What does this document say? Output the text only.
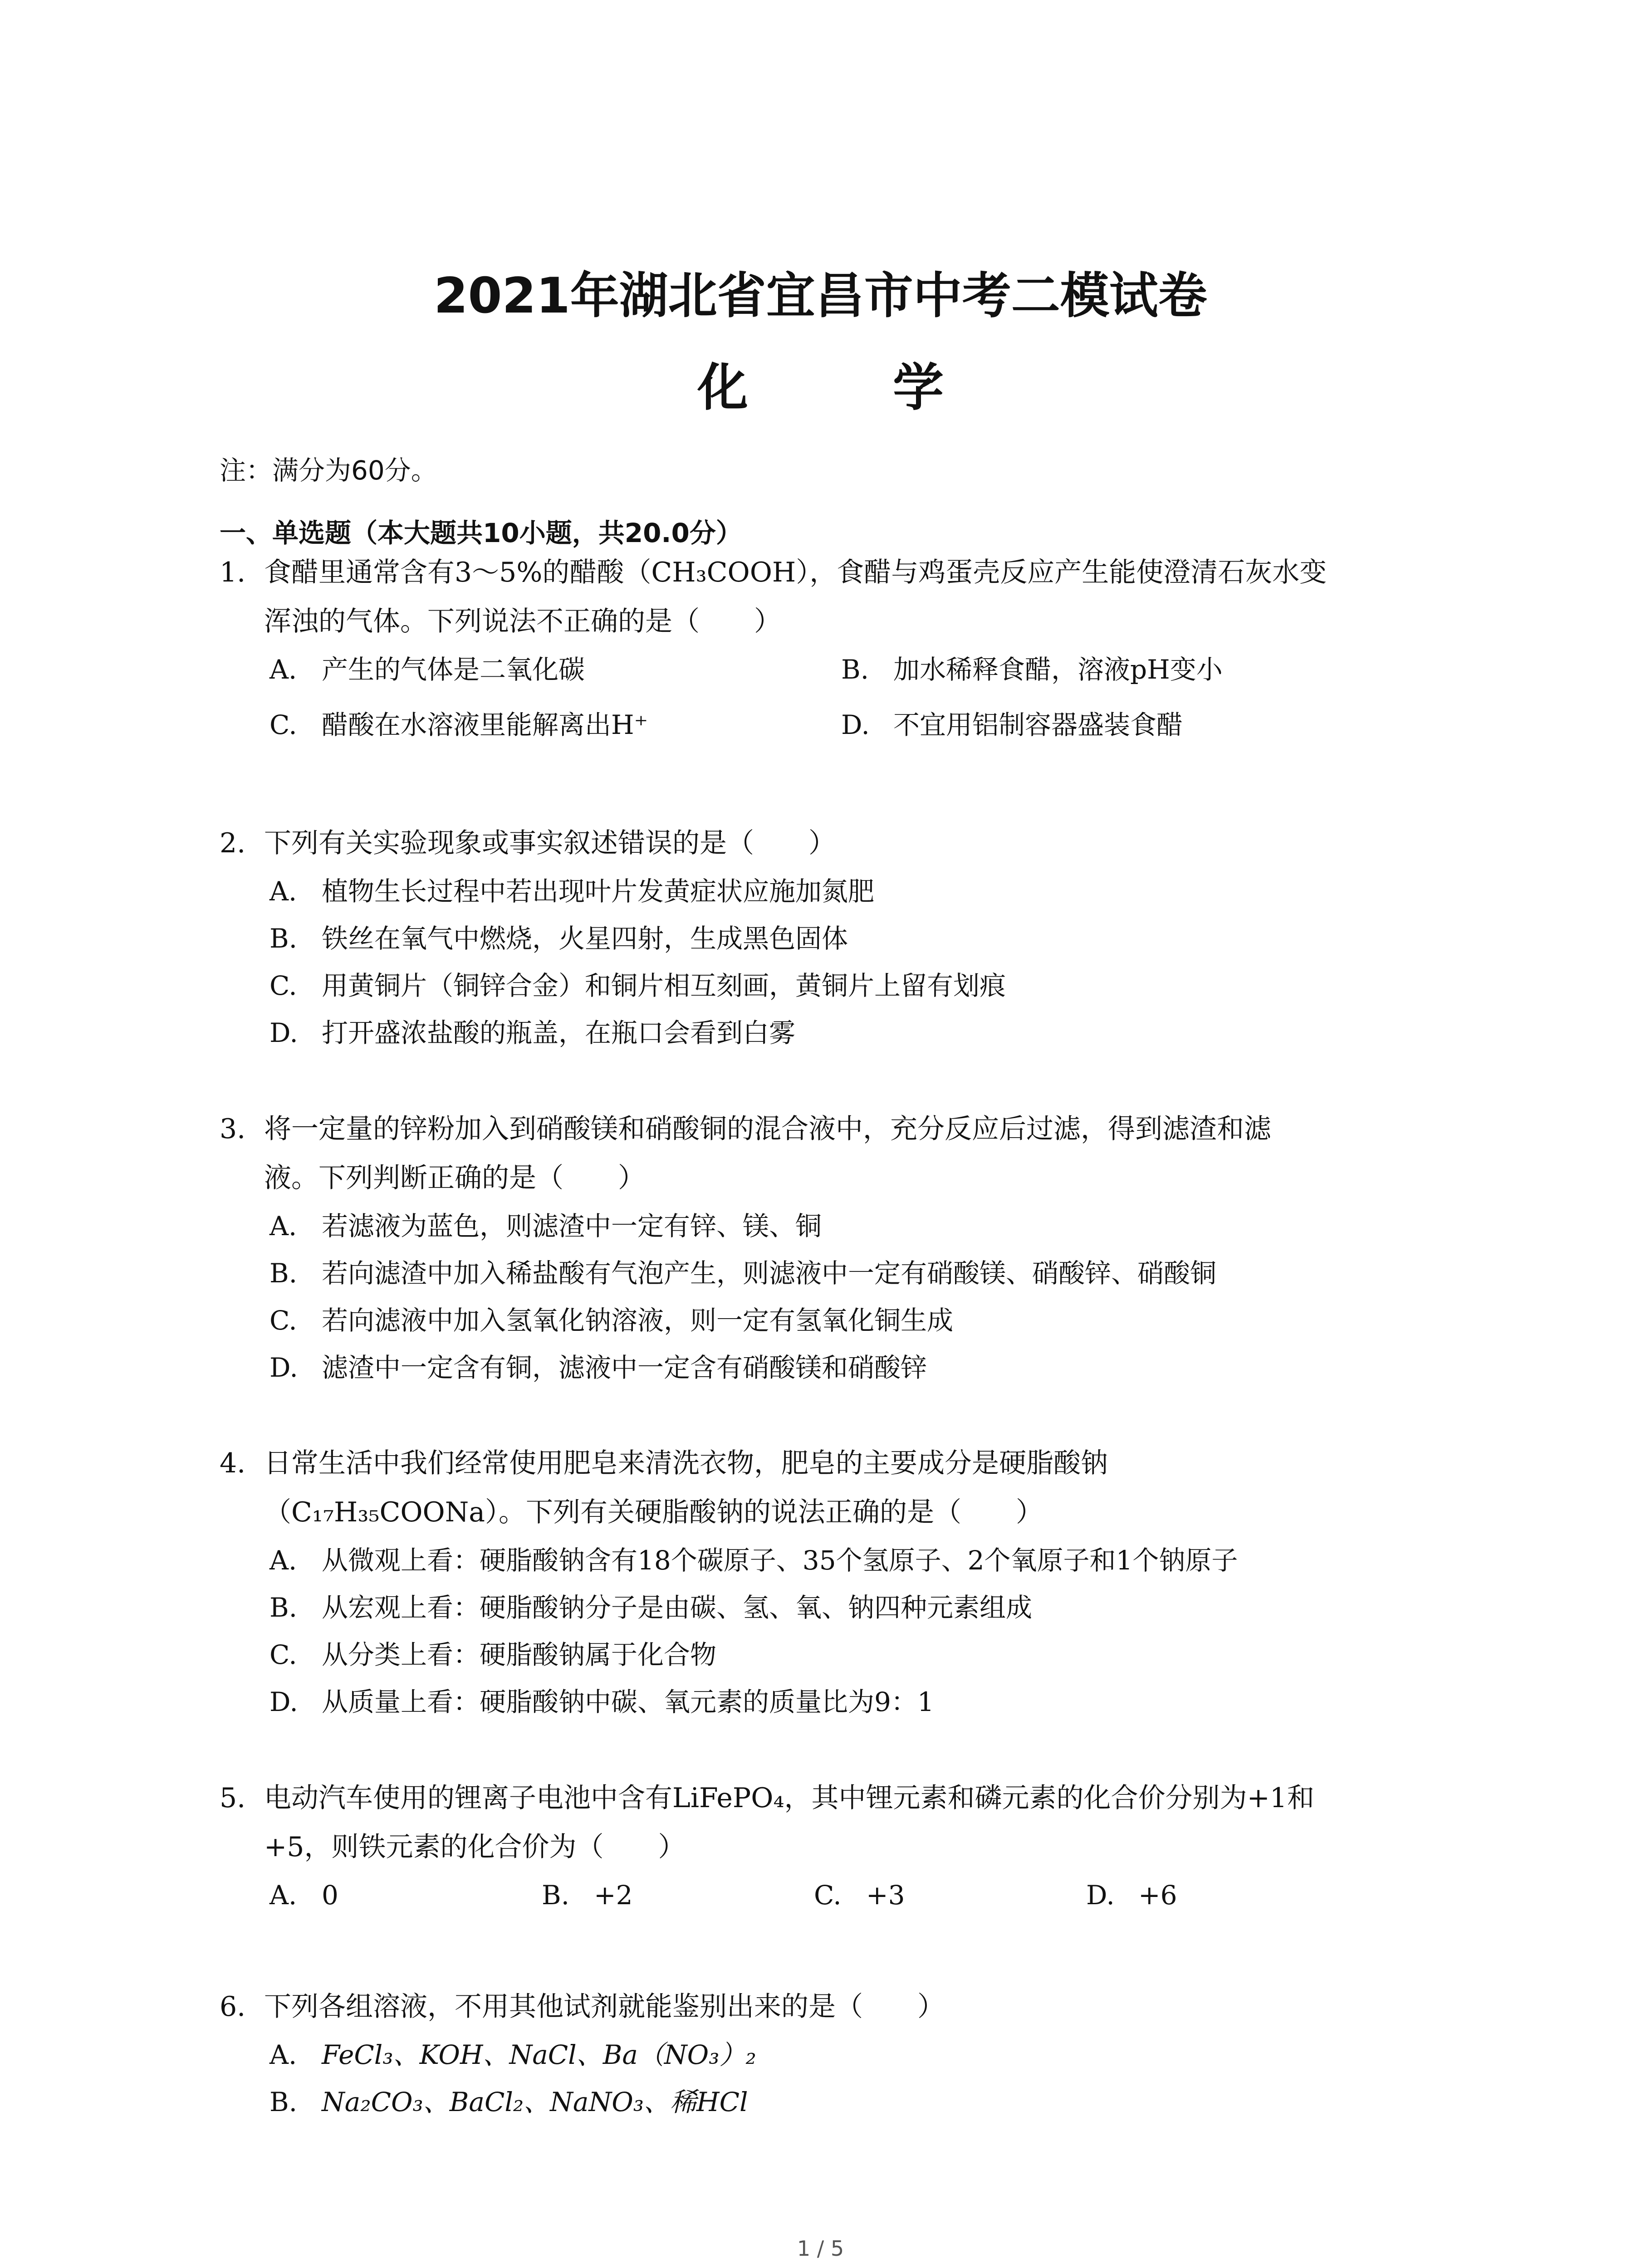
2021年湖北省宜昌市中考二模试卷
化 学
注：满分为60分。
一、单选题（本大题共10小题，共20.0分）
1. 食醋里通常含有3～5%的醋酸（CH₃COOH），食醋与鸡蛋壳反应产生能使澄清石灰水变
浑浊的气体。下列说法不正确的是（　　）
A. 产生的气体是二氧化碳	B. 加水稀释食醋，溶液pH变小
C. 醋酸在水溶液里能解离出H⁺	D. 不宜用铝制容器盛装食醋
2. 下列有关实验现象或事实叙述错误的是（　　）
A. 植物生长过程中若出现叶片发黄症状应施加氮肥
B. 铁丝在氧气中燃烧，火星四射，生成黑色固体
C. 用黄铜片（铜锌合金）和铜片相互刻画，黄铜片上留有划痕
D. 打开盛浓盐酸的瓶盖，在瓶口会看到白雾
3. 将一定量的锌粉加入到硝酸镁和硝酸铜的混合液中，充分反应后过滤，得到滤渣和滤
液。下列判断正确的是（　　）
A. 若滤液为蓝色，则滤渣中一定有锌、镁、铜
B. 若向滤渣中加入稀盐酸有气泡产生，则滤液中一定有硝酸镁、硝酸锌、硝酸铜
C. 若向滤液中加入氢氧化钠溶液，则一定有氢氧化铜生成
D. 滤渣中一定含有铜，滤液中一定含有硝酸镁和硝酸锌
4. 日常生活中我们经常使用肥皂来清洗衣物，肥皂的主要成分是硬脂酸钠
（C₁₇H₃₅COONa）。下列有关硬脂酸钠的说法正确的是（　　）
A. 从微观上看：硬脂酸钠含有18个碳原子、35个氢原子、2个氧原子和1个钠原子
B. 从宏观上看：硬脂酸钠分子是由碳、氢、氧、钠四种元素组成
C. 从分类上看：硬脂酸钠属于化合物
D. 从质量上看：硬脂酸钠中碳、氧元素的质量比为9：1
5. 电动汽车使用的锂离子电池中含有LiFePO₄，其中锂元素和磷元素的化合价分别为+1和
+5，则铁元素的化合价为（　　）
A. 0	B. +2	C. +3	D. +6
6. 下列各组溶液，不用其他试剂就能鉴别出来的是（　　）
A. FeCl₃、KOH、NaCl、Ba（NO₃）₂
B. Na₂CO₃、BaCl₂、NaNO₃、稀HCl
1 / 5
